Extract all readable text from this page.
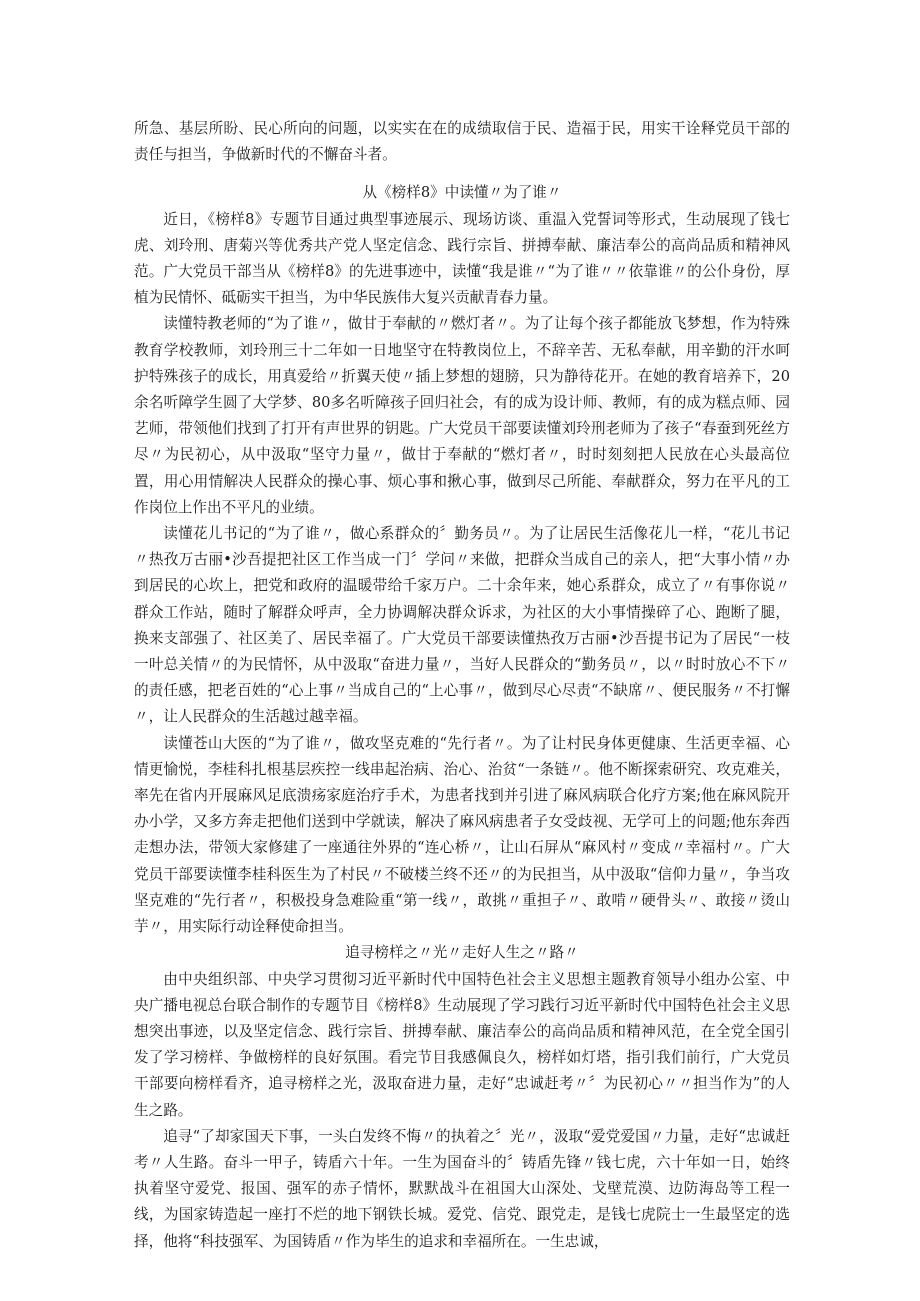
所急、基层所盼、民心所向的问题，以实实在在的成绩取信于民、造福于民，用实干诠释党员干部的责任与担当，争做新时代的不懈奋斗者。

从《榜样8》中读懂〃为了谁〃

近日，《榜样8》专题节目通过典型事迹展示、现场访谈、重温入党誓词等形式，生动展现了钱七虎、刘玲刑、唐菊兴等优秀共产党人坚定信念、践行宗旨、拼搏奉献、廉洁奉公的高尚品质和精神风范。广大党员干部当从《榜样8》的先进事迹中，读懂“我是谁〃“为了谁〃〃依靠谁〃的公仆身份，厚植为民情怀、砥砺实干担当，为中华民族伟大复兴贡献青春力量。

读懂特教老师的“为了谁〃，做甘于奉献的〃燃灯者〃。为了让每个孩子都能放飞梦想，作为特殊教育学校教师，刘玲刑三十二年如一日地坚守在特教岗位上，不辞辛苦、无私奉献，用辛勤的汗水呵护特殊孩子的成长，用真爱给〃折翼天使〃插上梦想的翅膀，只为静待花开。在她的教育培养下，20余名听障学生圆了大学梦、80多名听障孩子回归社会，有的成为设计师、教师，有的成为糕点师、园艺师，带领他们找到了打开有声世界的钥匙。广大党员干部要读懂刘玲刑老师为了孩子“春蚕到死丝方尽〃为民初心，从中汲取“坚守力量〃，做甘于奉献的“燃灯者〃，时时刻刻把人民放在心头最高位置，用心用情解决人民群众的操心事、烦心事和揪心事，做到尽己所能、奉献群众，努力在平凡的工作岗位上作出不平凡的业绩。

读懂花儿书记的“为了谁〃，做心系群众的〞勤务员〃。为了让居民生活像花儿一样，“花儿书记〃热孜万古丽•沙吾提把社区工作当成一门〞学问〃来做，把群众当成自己的亲人，把“大事小情〃办到居民的心坎上，把党和政府的温暖带给千家万户。二十余年来，她心系群众，成立了〃有事你说〃群众工作站，随时了解群众呼声，全力协调解决群众诉求，为社区的大小事情操碎了心、跑断了腿，换来支部强了、社区美了、居民幸福了。广大党员干部要读懂热孜万古丽•沙吾提书记为了居民“一枝一叶总关情〃的为民情怀，从中汲取“奋进力量〃，当好人民群众的“勤务员〃，以〃时时放心不下〃的责任感，把老百姓的“心上事〃当成自己的“上心事〃，做到尽心尽责“不缺席〃、便民服务〃不打懈〃，让人民群众的生活越过越幸福。

读懂苍山大医的“为了谁〃，做攻坚克难的“先行者〃。为了让村民身体更健康、生活更幸福、心情更愉悦，李桂科扎根基层疾控一线串起治病、治心、治贫“一条链〃。他不断探索研究、攻克难关，率先在省内开展麻风足底溃疡家庭治疗手术，为患者找到并引进了麻风病联合化疗方案;他在麻风院开办小学，又多方奔走把他们送到中学就读，解决了麻风病患者子女受歧视、无学可上的问题;他东奔西走想办法，带领大家修建了一座通往外界的“连心桥〃，让山石屏从“麻风村〃变成〃幸福村〃。广大党员干部要读懂李桂科医生为了村民〃不破楼兰终不还〃的为民担当，从中汲取“信仰力量〃，争当攻坚克难的“先行者〃，积极投身急难险重“第一线〃，敢挑〃重担子〃、敢啃〃硬骨头〃、敢接〃烫山芋〃，用实际行动诠释使命担当。

追寻榜样之〃光〃走好人生之〃路〃

由中央组织部、中央学习贯彻习近平新时代中国特色社会主义思想主题教育领导小组办公室、中央广播电视总台联合制作的专题节目《榜样8》生动展现了学习践行习近平新时代中国特色社会主义思想突出事迹，以及坚定信念、践行宗旨、拼搏奉献、廉洁奉公的高尚品质和精神风范，在全党全国引发了学习榜样、争做榜样的良好氛围。看完节目我感佩良久，榜样如灯塔，指引我们前行，广大党员干部要向榜样看齐，追寻榜样之光，汲取奋进力量，走好“忠诚赶考〃〞为民初心〃〃担当作为”的人生之路。

追寻“了却家国天下事，一头白发终不悔〃的执着之〞光〃，汲取“爱党爱国〃力量，走好“忠诚赶考〃人生路。奋斗一甲子，铸盾六十年。一生为国奋斗的〞铸盾先锋〃钱七虎，六十年如一日，始终执着坚守爱党、报国、强军的赤子情怀，默默战斗在祖国大山深处、戈壁荒漠、边防海岛等工程一线，为国家铸造起一座打不烂的地下钢铁长城。爱党、信党、跟党走，是钱七虎院士一生最坚定的选择，他将“科技强军、为国铸盾〃作为毕生的追求和幸福所在。一生忠诚，
